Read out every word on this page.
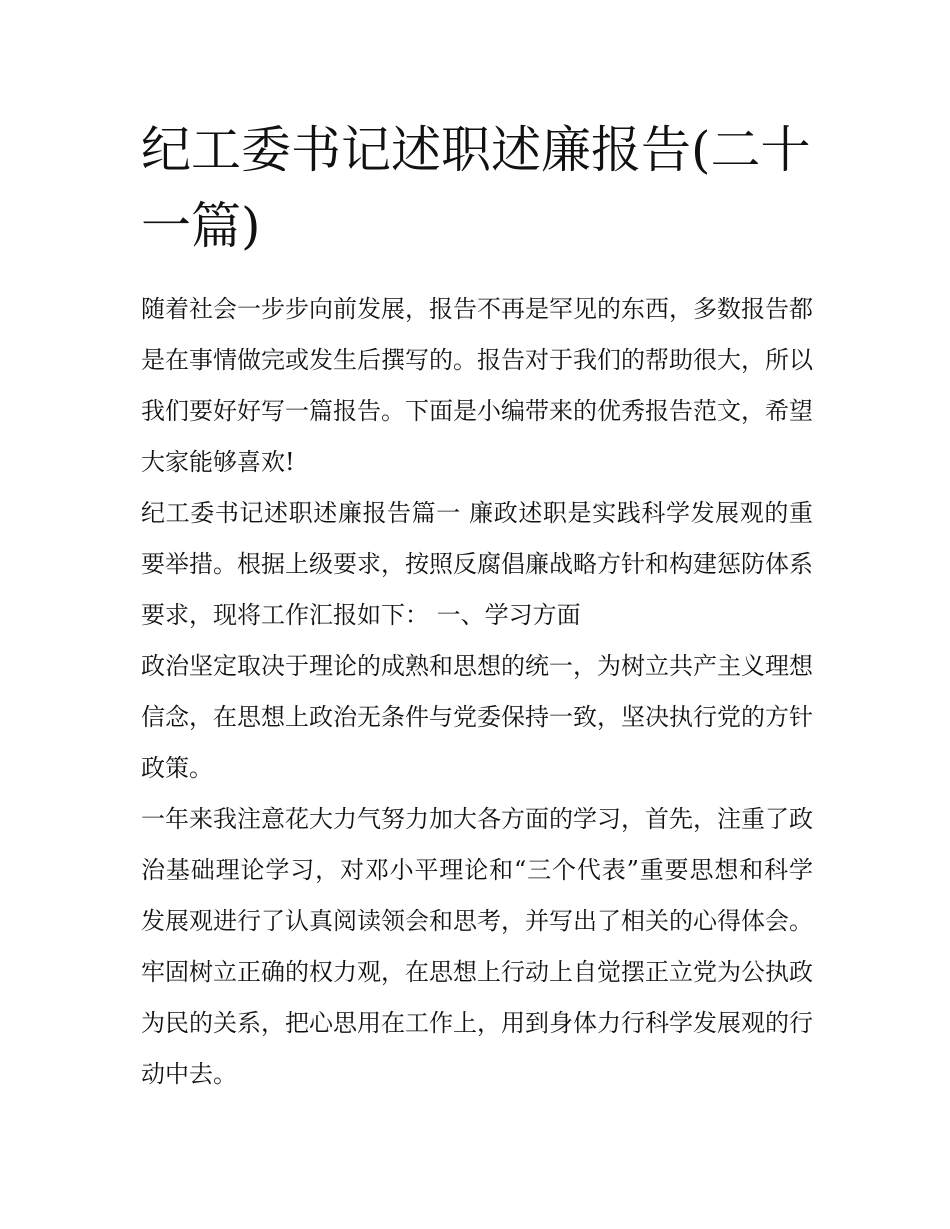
纪工委书记述职述廉报告(二十一篇)

随着社会一步步向前发展，报告不再是罕见的东西，多数报告都是在事情做完或发生后撰写的。报告对于我们的帮助很大，所以我们要好好写一篇报告。下面是小编带来的优秀报告范文，希望大家能够喜欢!

纪工委书记述职述廉报告篇一 廉政述职是实践科学发展观的重要举措。根据上级要求，按照反腐倡廉战略方针和构建惩防体系要求，现将工作汇报如下： 一、学习方面

政治坚定取决于理论的成熟和思想的统一，为树立共产主义理想信念，在思想上政治无条件与党委保持一致，坚决执行党的方针政策。

一年来我注意花大力气努力加大各方面的学习，首先，注重了政治基础理论学习，对邓小平理论和“三个代表”重要思想和科学发展观进行了认真阅读领会和思考，并写出了相关的心得体会。牢固树立正确的权力观，在思想上行动上自觉摆正立党为公执政为民的关系，把心思用在工作上，用到身体力行科学发展观的行动中去。
